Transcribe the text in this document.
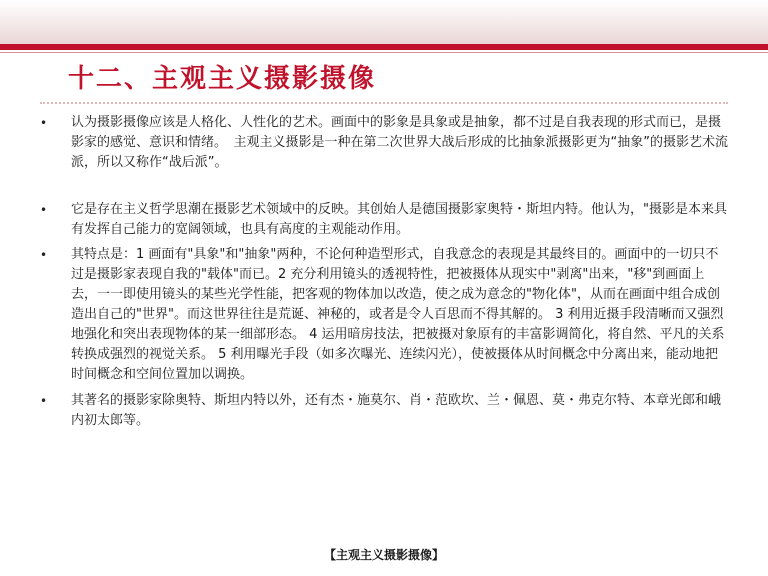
十二、主观主义摄影摄像
• 认为摄影摄像应该是人格化、人性化的艺术。画面中的影象是具象或是抽象，都不过是自我表现的形式而已，是摄影家的感觉、意识和情绪。　主观主义摄影是一种在第二次世界大战后形成的比抽象派摄影更为“抽象”的摄影艺术流派，所以又称作“战后派”。
• 它是存在主义哲学思潮在摄影艺术领域中的反映。其创始人是德国摄影家奥特・斯坦内特。他认为，"摄影是本来具有发挥自己能力的宽阔领域，也具有高度的主观能动作用。
• 其特点是：1 画面有"具象"和"抽象"两种，不论何种造型形式，自我意念的表现是其最终目的。画面中的一切只不过是摄影家表现自我的"载体"而已。2 充分利用镜头的透视特性，把被摄体从现实中"剥离"出来，"移"到画面上去，一一即使用镜头的某些光学性能，把客观的物体加以改造，使之成为意念的"物化体"，从而在画面中组合成创造出自己的"世界"。而这世界往往是荒诞、神秘的，或者是令人百思而不得其解的。 3 利用近摄手段清晰而又强烈地强化和突出表现物体的某一细部形态。 4 运用暗房技法，把被摄对象原有的丰富影调简化，将自然、平凡的关系转换成强烈的视觉关系。 5 利用曝光手段（如多次曝光、连续闪光），使被摄体从时间概念中分离出来，能动地把时间概念和空间位置加以调换。
• 其著名的摄影家除奥特、斯坦内特以外，还有杰・施莫尔、肖・范欧坎、兰・佩恩、莫・弗克尔特、本章光郎和峨内初太郎等。
【主观主义摄影摄像】
